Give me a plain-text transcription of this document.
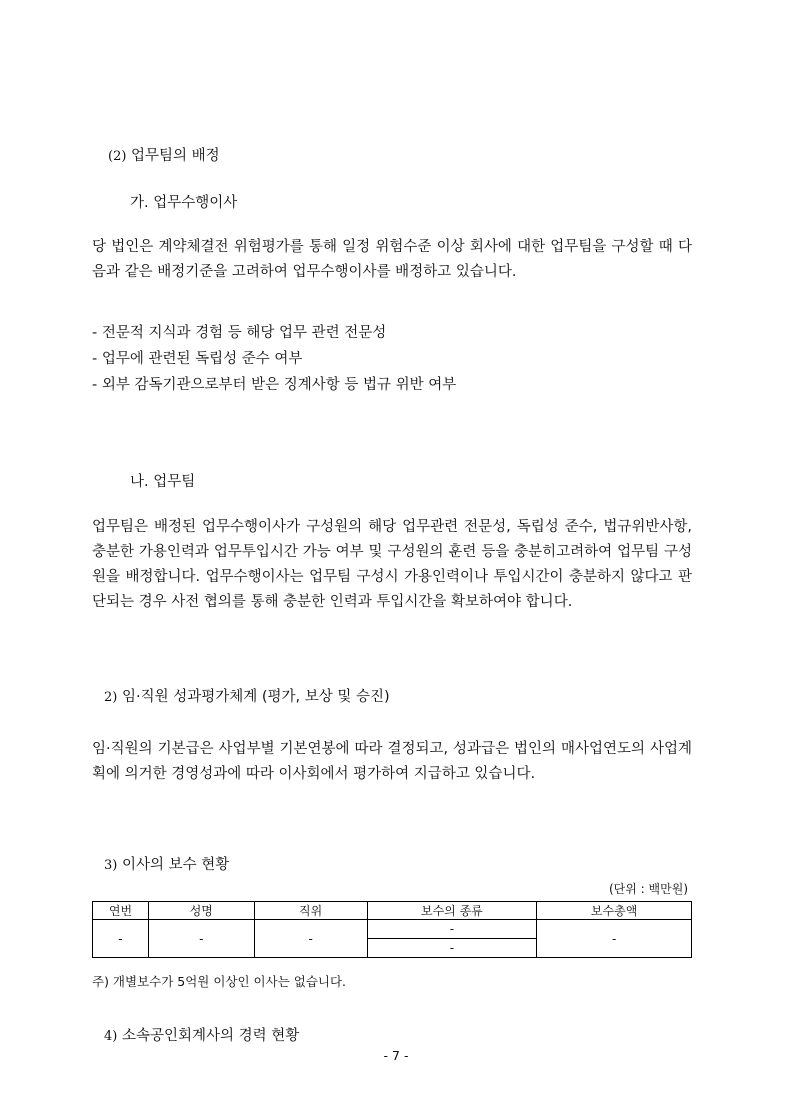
(2) 업무팀의 배정
가. 업무수행이사
당 법인은 계약체결전 위험평가를 통해 일정 위험수준 이상 회사에 대한 업무팀을 구성할 때 다음과 같은 배정기준을 고려하여 업무수행이사를 배정하고 있습니다.
- 전문적 지식과 경험 등 해당 업무 관련 전문성
- 업무에 관련된 독립성 준수 여부
- 외부 감독기관으로부터 받은 징계사항 등 법규 위반 여부
나. 업무팀
업무팀은 배정된 업무수행이사가 구성원의 해당 업무관련 전문성, 독립성 준수, 법규위반사항, 충분한 가용인력과 업무투입시간 가능 여부 및 구성원의 훈련 등을 충분히고려하여 업무팀 구성원을 배정합니다. 업무수행이사는 업무팀 구성시 가용인력이나 투입시간이 충분하지 않다고 판단되는 경우 사전 협의를 통해 충분한 인력과 투입시간을 확보하여야 합니다.
2) 임·직원 성과평가체계 (평가, 보상 및 승진)
임·직원의 기본급은 사업부별 기본연봉에 따라 결정되고, 성과급은 법인의 매사업연도의 사업계획에 의거한 경영성과에 따라 이사회에서 평가하여 지급하고 있습니다.
3) 이사의 보수 현황
(단위 : 백만원)
연번	성명	직위	보수의 종류	보수총액
-	-	-	-	-
			-	
주) 개별보수가 5억원 이상인 이사는 없습니다.
4) 소속공인회계사의 경력 현황
- 7 -
